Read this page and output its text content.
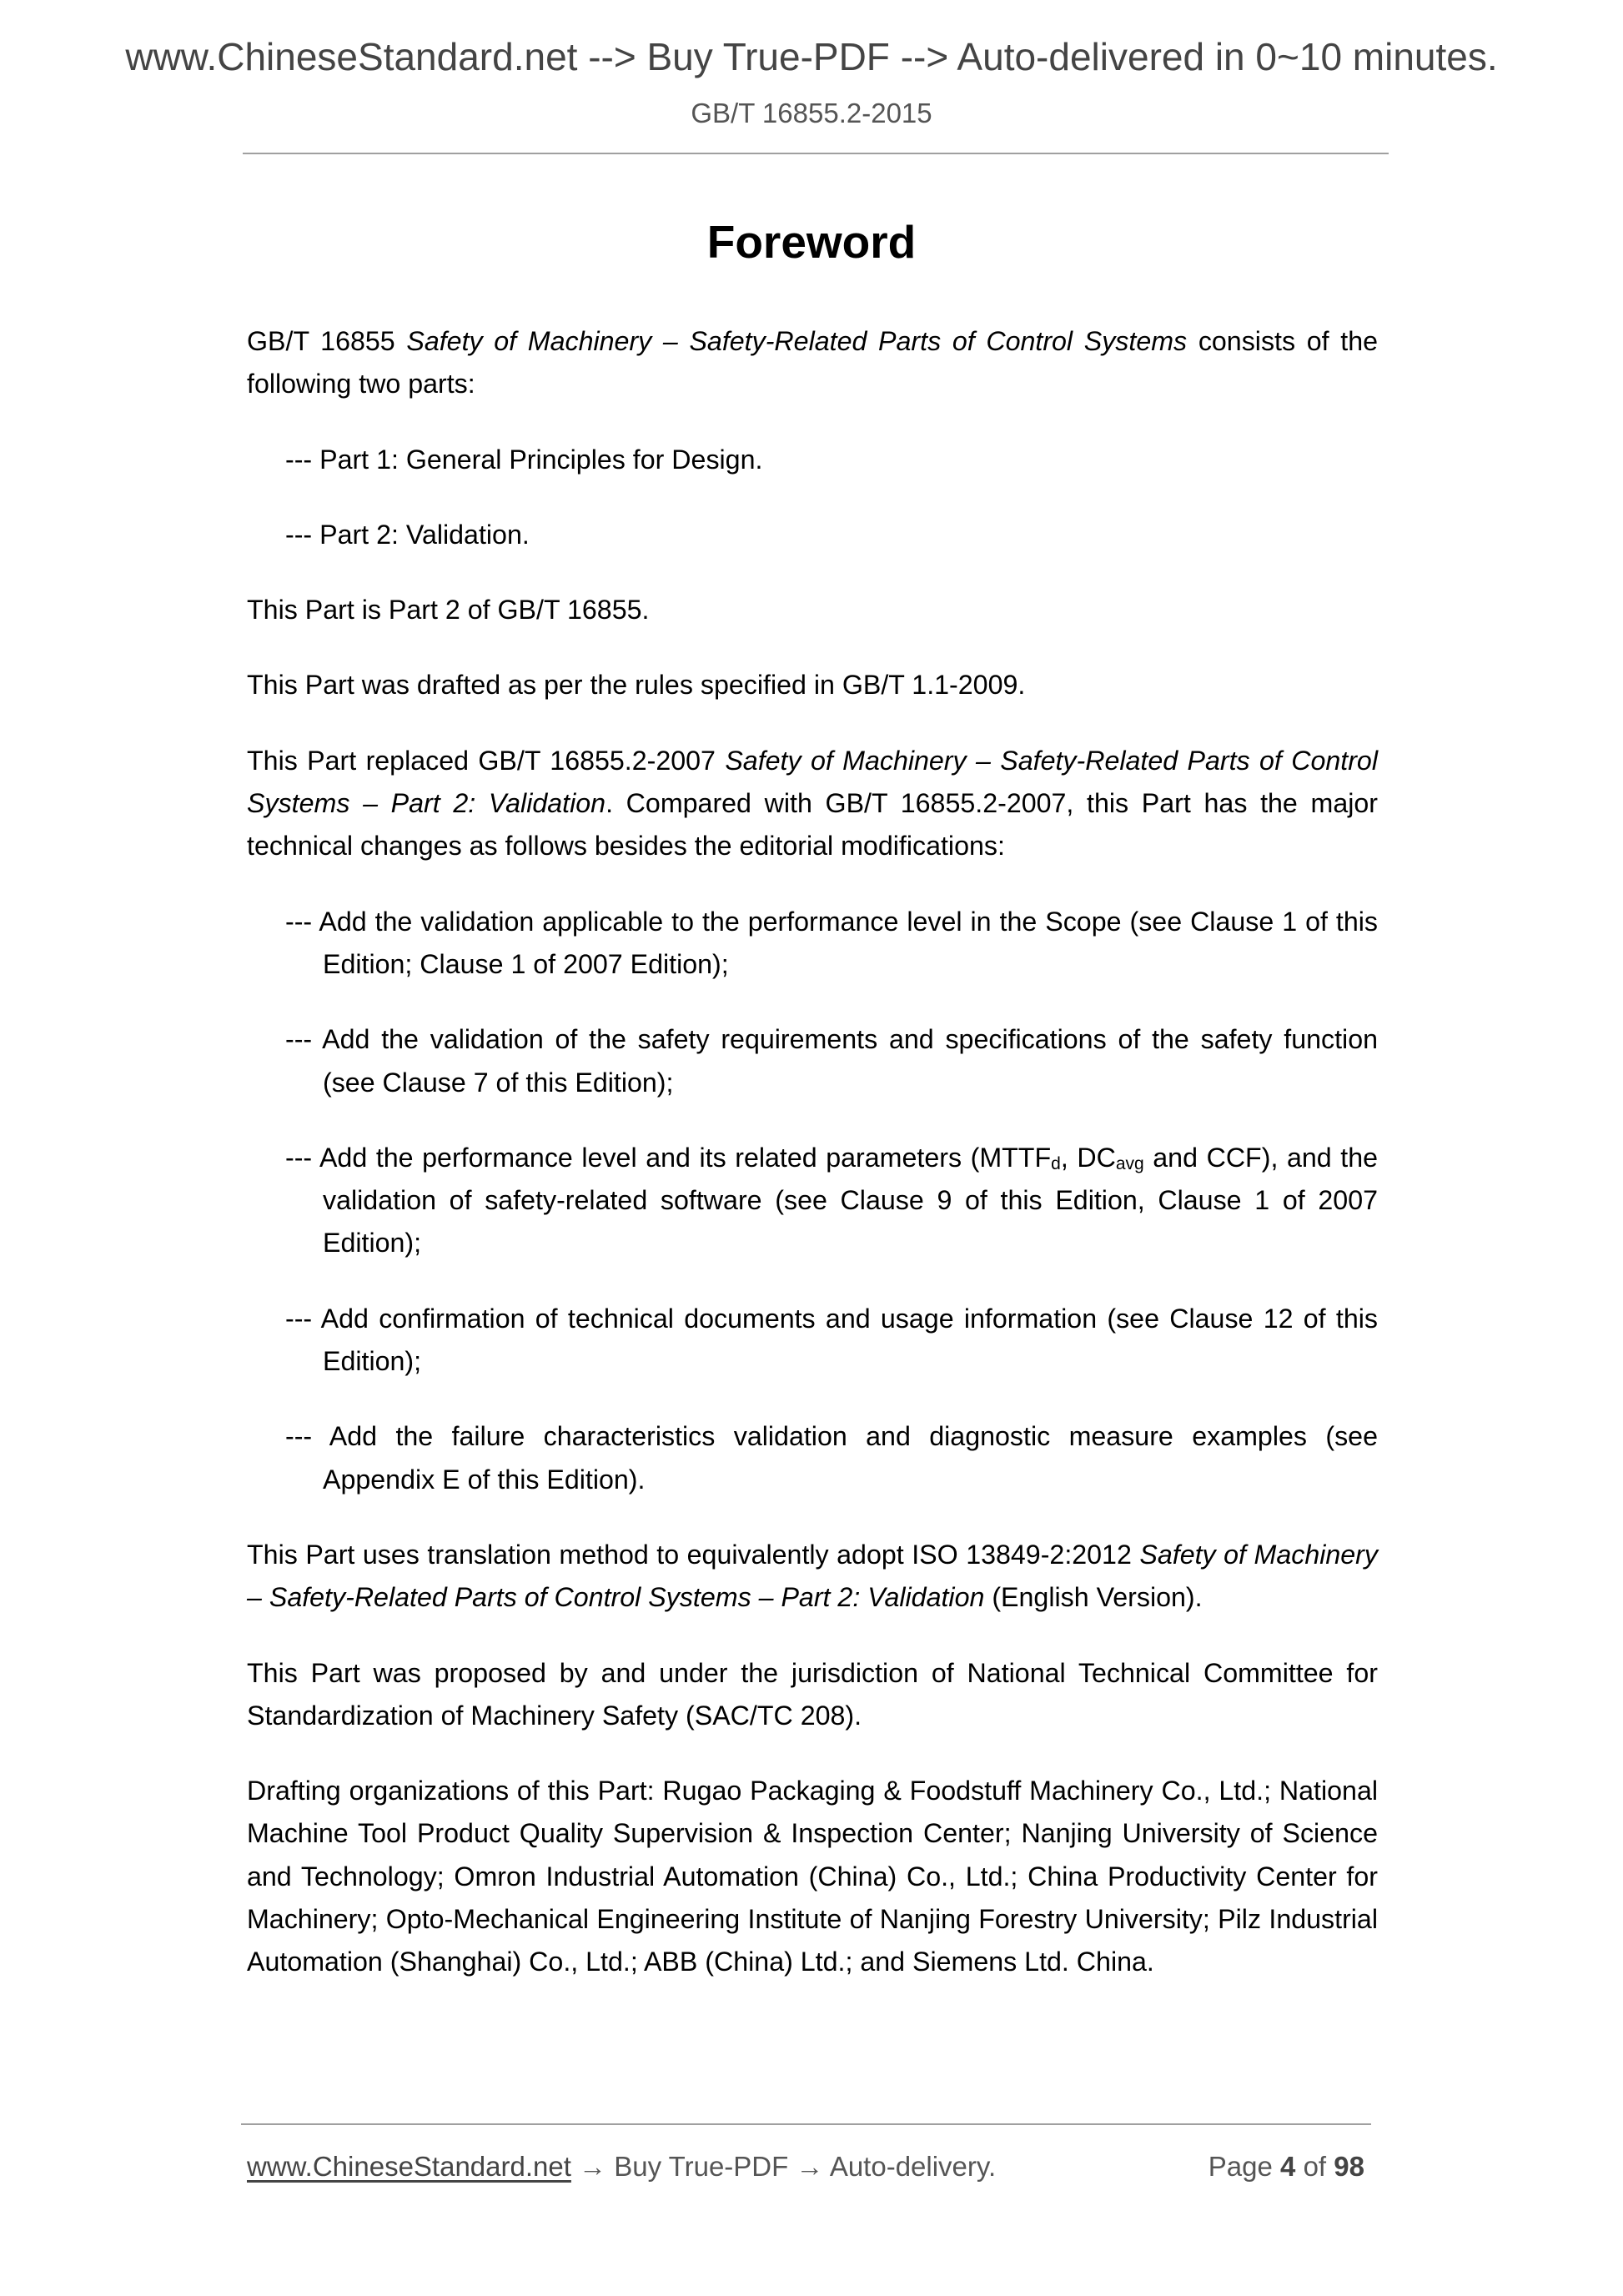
www.ChineseStandard.net --> Buy True-PDF --> Auto-delivered in 0~10 minutes.
GB/T 16855.2-2015
Foreword

GB/T 16855 Safety of Machinery – Safety-Related Parts of Control Systems consists of the following two parts:

--- Part 1: General Principles for Design.

--- Part 2: Validation.

This Part is Part 2 of GB/T 16855.

This Part was drafted as per the rules specified in GB/T 1.1-2009.

This Part replaced GB/T 16855.2-2007 Safety of Machinery – Safety-Related Parts of Control Systems – Part 2: Validation. Compared with GB/T 16855.2-2007, this Part has the major technical changes as follows besides the editorial modifications:

--- Add the validation applicable to the performance level in the Scope (see Clause 1 of this Edition; Clause 1 of 2007 Edition);

--- Add the validation of the safety requirements and specifications of the safety function (see Clause 7 of this Edition);

--- Add the performance level and its related parameters ($MTTF_d$, $DC_{avg}$ and CCF), and the validation of safety-related software (see Clause 9 of this Edition, Clause 1 of 2007 Edition);

--- Add confirmation of technical documents and usage information (see Clause 12 of this Edition);

--- Add the failure characteristics validation and diagnostic measure examples (see Appendix E of this Edition).

This Part uses translation method to equivalently adopt ISO 13849-2:2012 Safety of Machinery – Safety-Related Parts of Control Systems – Part 2: Validation (English Version).

This Part was proposed by and under the jurisdiction of National Technical Committee for Standardization of Machinery Safety (SAC/TC 208).

Drafting organizations of this Part: Rugao Packaging & Foodstuff Machinery Co., Ltd.; National Machine Tool Product Quality Supervision & Inspection Center; Nanjing University of Science and Technology; Omron Industrial Automation (China) Co., Ltd.; China Productivity Center for Machinery; Opto-Mechanical Engineering Institute of Nanjing Forestry University; Pilz Industrial Automation (Shanghai) Co., Ltd.; ABB (China) Ltd.; and Siemens Ltd. China.

www.ChineseStandard.net → Buy True-PDF → Auto-delivery.	Page 4 of 98
